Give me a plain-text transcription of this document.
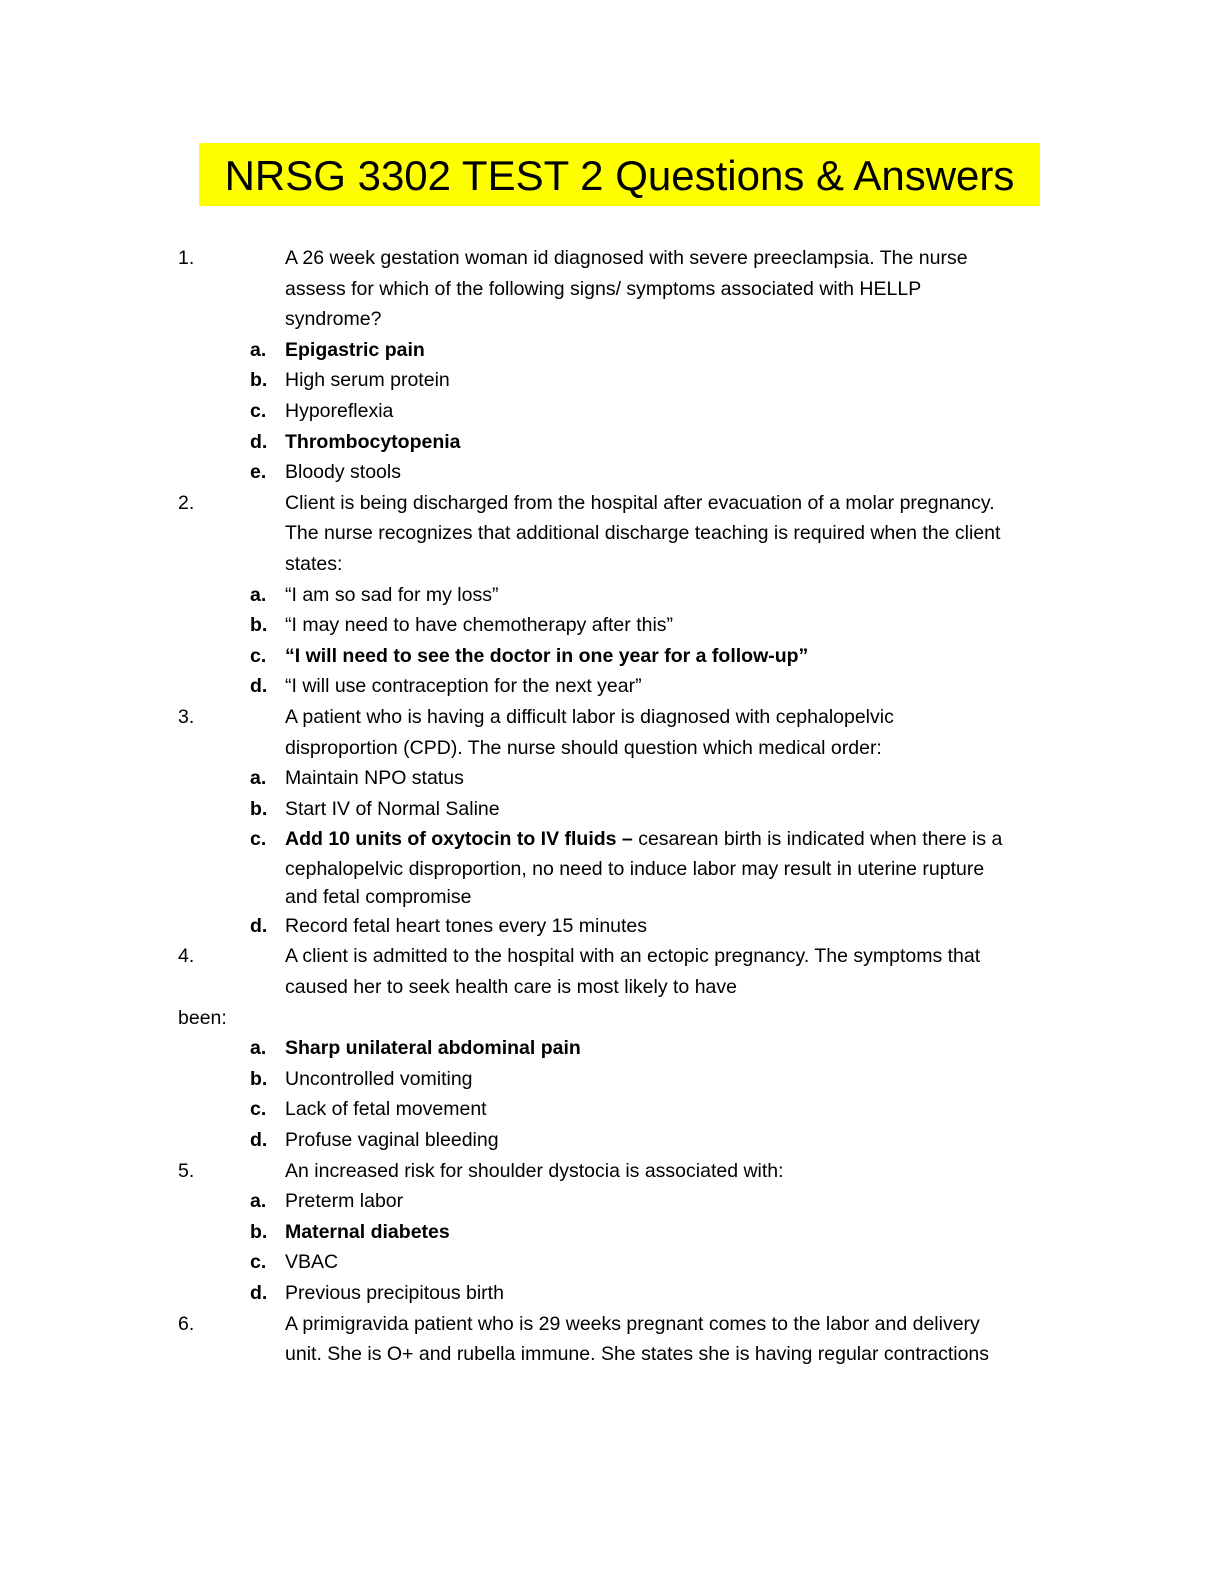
NRSG 3302 TEST 2 Questions & Answers
1.	A 26 week gestation woman id diagnosed with severe preeclampsia. The nurse
assess for which of the following signs/ symptoms associated with HELLP
syndrome?
a. Epigastric pain
b. High serum protein
c. Hyporeflexia
d. Thrombocytopenia
e. Bloody stools
2.	Client is being discharged from the hospital after evacuation of a molar pregnancy.
The nurse recognizes that additional discharge teaching is required when the client
states:
a. “I am so sad for my loss”
b. “I may need to have chemotherapy after this”
c. “I will need to see the doctor in one year for a follow-up”
d. “I will use contraception for the next year”
3.	A patient who is having a difficult labor is diagnosed with cephalopelvic
disproportion (CPD). The nurse should question which medical order:
a. Maintain NPO status
b. Start IV of Normal Saline
c. Add 10 units of oxytocin to IV fluids – cesarean birth is indicated when there is a
cephalopelvic disproportion, no need to induce labor may result in uterine rupture
and fetal compromise
d. Record fetal heart tones every 15 minutes
4.	A client is admitted to the hospital with an ectopic pregnancy. The symptoms that
caused her to seek health care is most likely to have
been:
a. Sharp unilateral abdominal pain
b. Uncontrolled vomiting
c. Lack of fetal movement
d. Profuse vaginal bleeding
5.	An increased risk for shoulder dystocia is associated with:
a. Preterm labor
b. Maternal diabetes
c. VBAC
d. Previous precipitous birth
6.	A primigravida patient who is 29 weeks pregnant comes to the labor and delivery
unit. She is O+ and rubella immune. She states she is having regular contractions
